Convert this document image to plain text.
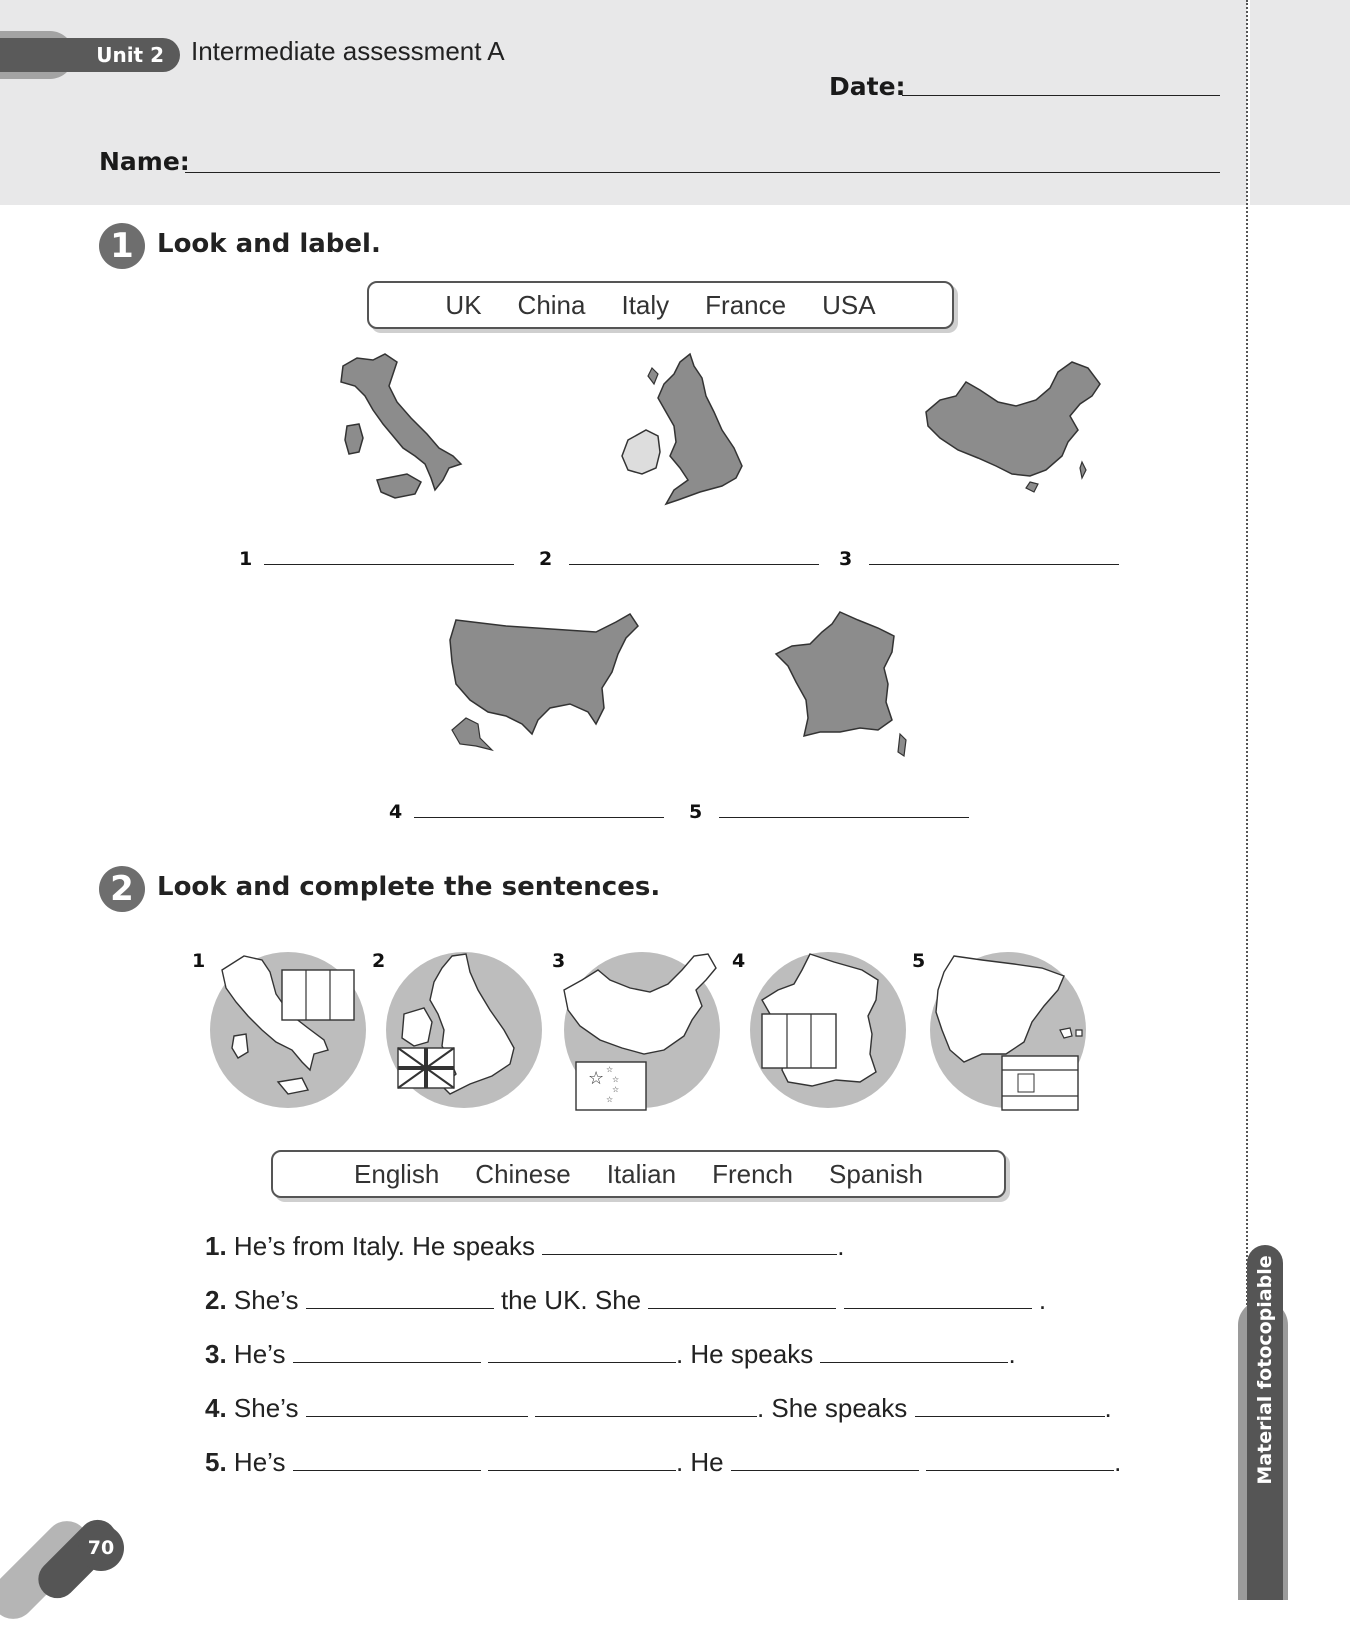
Unit 2	Intermediate assessment A
Date:
Name:
1 Look and label.
UK China Italy France USA
1	2	3
4	5
2 Look and complete the sentences.
1	2	3
☆ ☆
☆
☆
☆
4	5
English Chinese Italian French Spanish
1. He’s from Italy. He speaks	.
2. She’s	the UK. She	.
3. He’s	. He speaks	.
4. She’s	. She speaks	.
5. He’s	. He	.	Material fotocopiable
70
